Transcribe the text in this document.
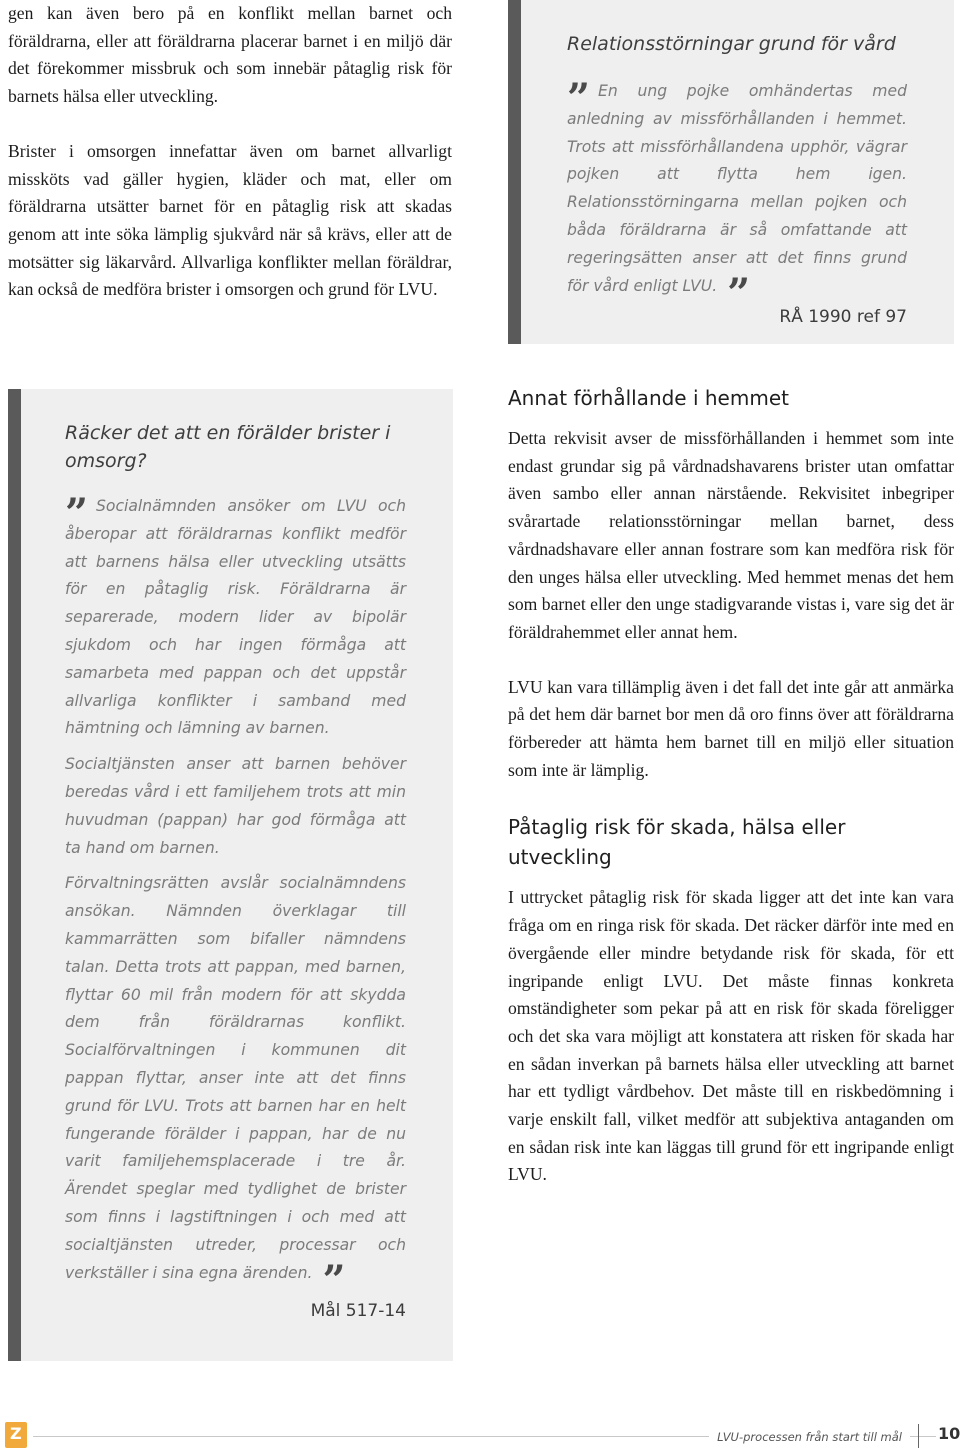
gen kan även bero på en konflikt mellan barnet och föräldrarna, eller att föräldrarna placerar barnet i en miljö där det förekommer missbruk och som innebär påtaglig risk för barnets hälsa eller utveckling.

Brister i omsorgen innefattar även om barnet allvarligt missköts vad gäller hygien, kläder och mat, eller om föräldrarna utsätter barnet för en påtaglig risk att skadas genom att inte söka lämplig sjukvård när så krävs, eller att de motsätter sig läkarvård. Allvarliga konflikter mellan föräldrar, kan också de medföra brister i omsorgen och grund för LVU.

Relationsstörningar grund för vård

” En ung pojke omhändertas med anledning av missförhållanden i hemmet. Trots att missförhållandena upphör, vägrar pojken att flytta hem igen. Relationsstörningarna mellan pojken och båda föräldrarna är så omfattande att regeringsätten anser att det finns grund för vård enligt LVU. ”

RÅ 1990 ref 97

Räcker det att en förälder brister i omsorg?

” Socialnämnden ansöker om LVU och åberopar att föräldrarnas konflikt medför att barnens hälsa eller utveckling utsätts för en påtaglig risk. Föräldrarna är separerade, modern lider av bipolär sjukdom och har ingen förmåga att samarbeta med pappan och det uppstår allvarliga konflikter i samband med hämtning och lämning av barnen.

Socialtjänsten anser att barnen behöver beredas vård i ett familjehem trots att min huvudman (pappan) har god förmåga att ta hand om barnen.

Förvaltningsrätten avslår socialnämndens ansökan. Nämnden överklagar till kammarrätten som bifaller nämndens talan. Detta trots att pappan, med barnen, flyttar 60 mil från modern för att skydda dem från föräldrarnas konflikt. Socialförvaltningen i kommunen dit pappan flyttar, anser inte att det finns grund för LVU. Trots att barnen har en helt fungerande förälder i pappan, har de nu varit familjehemsplacerade i tre år. Ärendet speglar med tydlighet de brister som finns i lagstiftningen i och med att socialtjänsten utreder, processar och verkställer i sina egna ärenden. ”

Mål 517-14

Annat förhållande i hemmet

Detta rekvisit avser de missförhållanden i hemmet som inte endast grundar sig på vårdnadshavarens brister utan omfattar även sambo eller annan närstående. Rekvisitet inbegriper svårartade relationsstörningar mellan barnet, dess vårdnadshavare eller annan fostrare som kan medföra risk för den unges hälsa eller utveckling. Med hemmet menas det hem som barnet eller den unge stadigvarande vistas i, vare sig det är föräldrahemmet eller annat hem.

LVU kan vara tillämplig även i det fall det inte går att anmärka på det hem där barnet bor men då oro finns över att föräldrarna förbereder att hämta hem barnet till en miljö eller situation som inte är lämplig.

Påtaglig risk för skada, hälsa eller utveckling

I uttrycket påtaglig risk för skada ligger att det inte kan vara fråga om en ringa risk för skada. Det räcker därför inte med en övergående eller mindre betydande risk för skada, för ett ingripande enligt LVU. Det måste finnas konkreta omständigheter som pekar på att en risk för skada föreligger och det ska vara möjligt att konstatera att risken för skada har en sådan inverkan på barnets hälsa eller utveckling att barnet har ett tydligt vårdbehov. Det måste till en riskbedömning i varje enskilt fall, vilket medför att subjektiva antaganden om en sådan risk inte kan läggas till grund för ett ingripande enligt LVU.

Z	LVU-processen från start till mål	10
